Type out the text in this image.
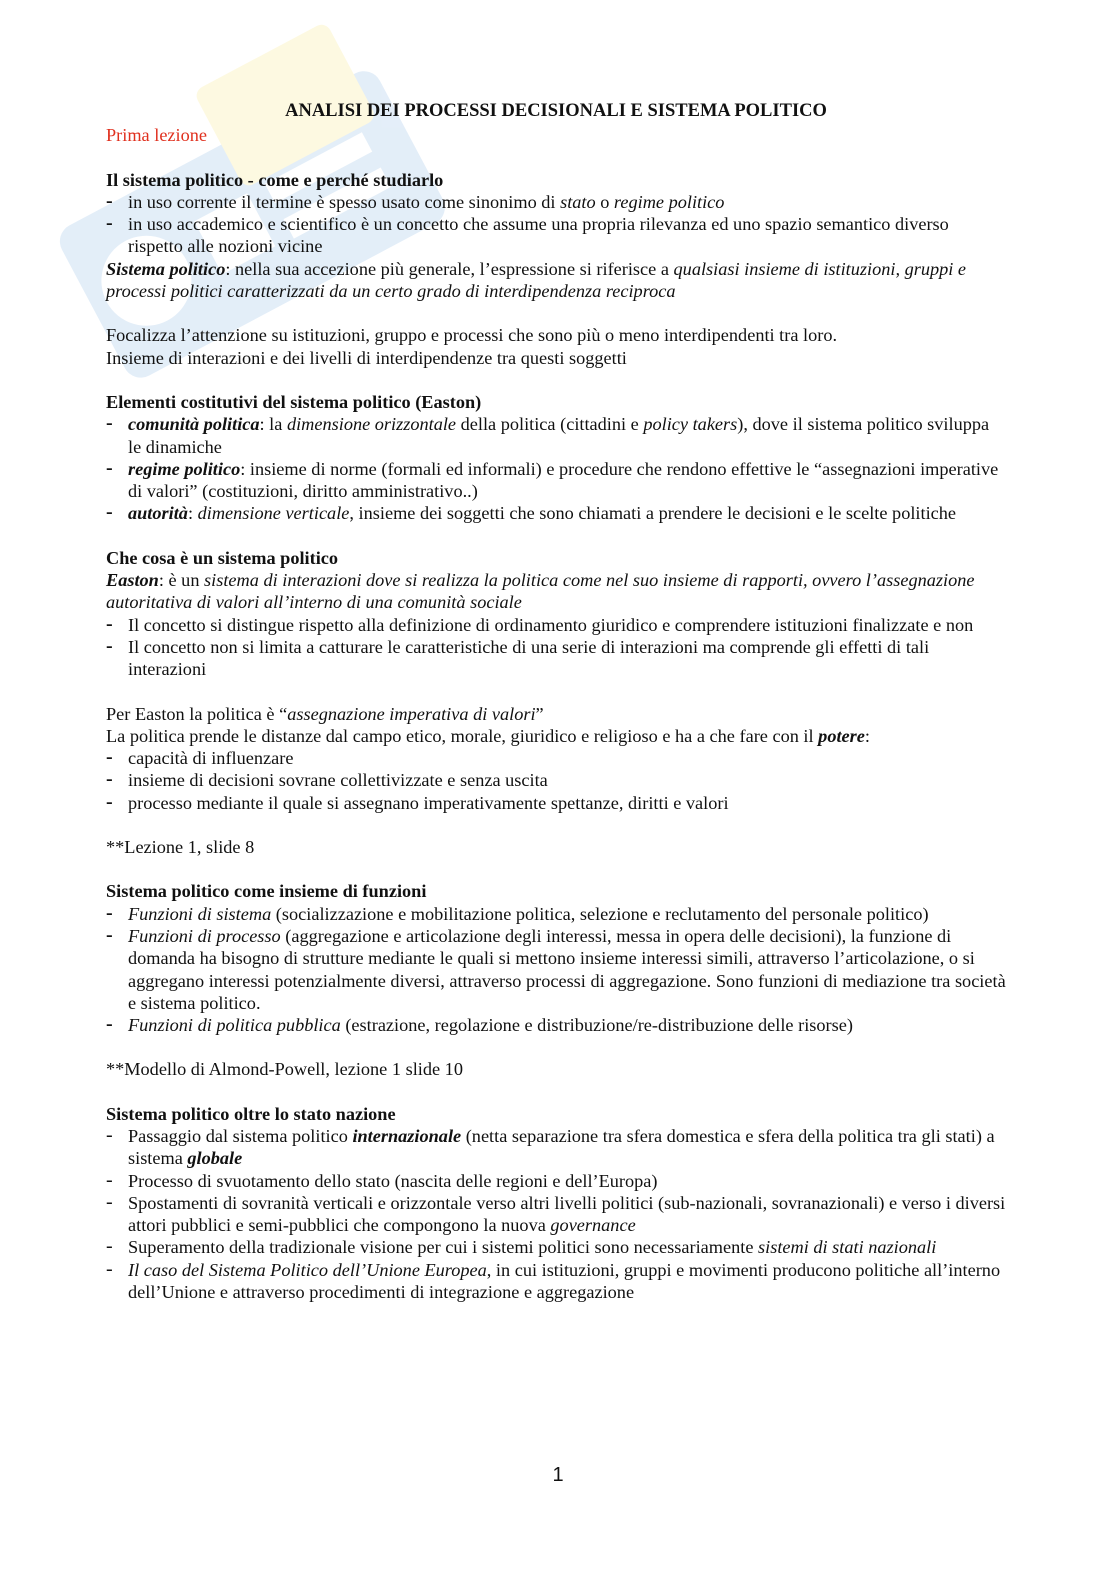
ANALISI DEI PROCESSI DECISIONALI E SISTEMA POLITICO
Prima lezione
Il sistema politico - come e perché studiarlo
- in uso corrente il termine è spesso usato come sinonimo di stato o regime politico
- in uso accademico e scientifico è un concetto che assume una propria rilevanza ed uno spazio semantico diverso rispetto alle nozioni vicine

Sistema politico: nella sua accezione più generale, l’espressione si riferisce a qualsiasi insieme di istituzioni, gruppi e processi politici caratterizzati da un certo grado di interdipendenza reciproca

Focalizza l’attenzione su istituzioni, gruppo e processi che sono più o meno interdipendenti tra loro.

Insieme di interazioni e dei livelli di interdipendenze tra questi soggetti

Elementi costitutivi del sistema politico (Easton)
- comunità politica: la dimensione orizzontale della politica (cittadini e policy takers), dove il sistema politico sviluppa le dinamiche
- regime politico: insieme di norme (formali ed informali) e procedure che rendono effettive le “assegnazioni imperative di valori” (costituzioni, diritto amministrativo..)
- autorità: dimensione verticale, insieme dei soggetti che sono chiamati a prendere le decisioni e le scelte politiche
Che cosa è un sistema politico

Easton: è un sistema di interazioni dove si realizza la politica come nel suo insieme di rapporti, ovvero l’assegnazione autoritativa di valori all’interno di una comunità sociale

- Il concetto si distingue rispetto alla definizione di ordinamento giuridico e comprendere istituzioni finalizzate e non
- Il concetto non si limita a catturare le caratteristiche di una serie di interazioni ma comprende gli effetti di tali interazioni

Per Easton la politica è “assegnazione imperativa di valori”

La politica prende le distanze dal campo etico, morale, giuridico e religioso e ha a che fare con il potere:

- capacità di influenzare
- insieme di decisioni sovrane collettivizzate e senza uscita
- processo mediante il quale si assegnano imperativamente spettanze, diritti e valori

**Lezione 1, slide 8

Sistema politico come insieme di funzioni
- Funzioni di sistema (socializzazione e mobilitazione politica, selezione e reclutamento del personale politico)
- Funzioni di processo (aggregazione e articolazione degli interessi, messa in opera delle decisioni), la funzione di domanda ha bisogno di strutture mediante le quali si mettono insieme interessi simili, attraverso l’articolazione, o si aggregano interessi potenzialmente diversi, attraverso processi di aggregazione. Sono funzioni di mediazione tra società e sistema politico.
- Funzioni di politica pubblica (estrazione, regolazione e distribuzione/re-distribuzione delle risorse)

**Modello di Almond-Powell, lezione 1 slide 10

Sistema politico oltre lo stato nazione
- Passaggio dal sistema politico internazionale (netta separazione tra sfera domestica e sfera della politica tra gli stati) a sistema globale
- Processo di svuotamento dello stato (nascita delle regioni e dell’Europa)
- Spostamenti di sovranità verticali e orizzontale verso altri livelli politici (sub-nazionali, sovranazionali) e verso i diversi attori pubblici e semi-pubblici che compongono la nuova governance
- Superamento della tradizionale visione per cui i sistemi politici sono necessariamente sistemi di stati nazionali
- Il caso del Sistema Politico dell’Unione Europea, in cui istituzioni, gruppi e movimenti producono politiche all’interno dell’Unione e attraverso procedimenti di integrazione e aggregazione
1
